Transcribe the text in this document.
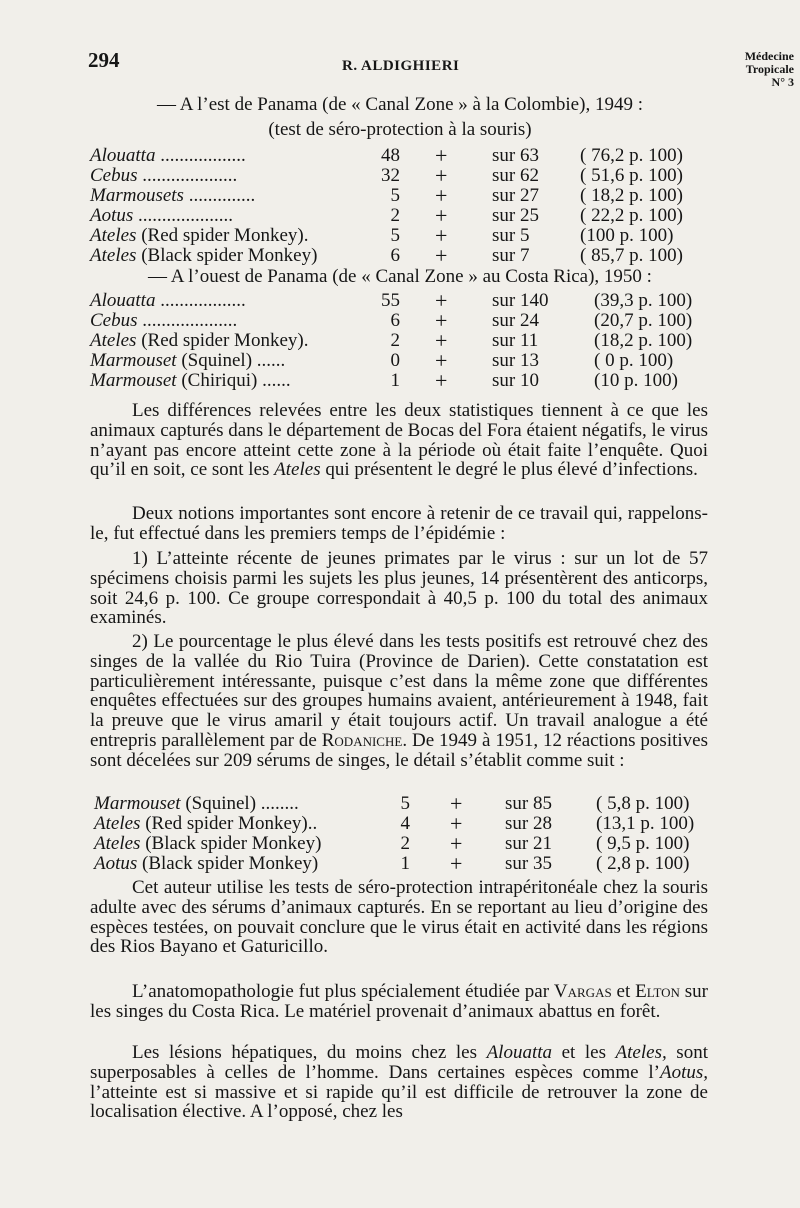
294	R. ALDIGHIERI
Médecine
Tropicale
N° 3
— A l’est de Panama (de « Canal Zone » à la Colombie), 1949 :
(test de séro-protection à la souris)
Alouatta ..................	48 + sur 63 ( 76,2 p. 100)
Cebus ....................	32 + sur 62 ( 51,6 p. 100)
Marmousets ..............	5 + sur 27 ( 18,2 p. 100)
Aotus ....................	2 + sur 25 ( 22,2 p. 100)
Ateles (Red spider Monkey).	5 + sur 5	(100 p. 100)
Ateles (Black spider Monkey)	6 + sur 7	( 85,7 p. 100)
— A l’ouest de Panama (de « Canal Zone » au Costa Rica), 1950 :
Alouatta ..................	55 + sur 140 (39,3 p. 100)
Cebus ....................	6 + sur 24	(20,7 p. 100)
Ateles (Red spider Monkey).	2 + sur 11	(18,2 p. 100)
Marmouset (Squinel) ......	0 + sur 13	( 0 p. 100)
Marmouset (Chiriqui) ......	1 + sur 10	(10 p. 100)

Les différences relevées entre les deux statistiques tiennent à ce que les animaux capturés dans le département de Bocas del Fora étaient négatifs, le virus n’ayant pas encore atteint cette zone à la période où était faite l’enquête. Quoi qu’il en soit, ce sont les Ateles qui présentent le degré le plus élevé d’infections.

Deux notions importantes sont encore à retenir de ce travail qui, rappelons-le, fut effectué dans les premiers temps de l’épidémie :

1) L’atteinte récente de jeunes primates par le virus : sur un lot de 57 spécimens choisis parmi les sujets les plus jeunes, 14 présentèrent des anticorps, soit 24,6 p. 100. Ce groupe correspondait à 40,5 p. 100 du total des animaux examinés.

2) Le pourcentage le plus élevé dans les tests positifs est retrouvé chez des singes de la vallée du Rio Tuira (Province de Darien). Cette constatation est particulièrement intéressante, puisque c’est dans la même zone que différentes enquêtes effectuées sur des groupes humains avaient, antérieurement à 1948, fait la preuve que le virus amaril y était toujours actif. Un travail analogue a été entrepris parallèlement par de Rodaniche. De 1949 à 1951, 12 réactions positives sont décelées sur 209 sérums de singes, le détail s’établit comme suit :

Marmouset (Squinel) ........	5 + sur 85 ( 5,8 p. 100)
Ateles (Red spider Monkey)..	4 + sur 28 (13,1 p. 100)
Ateles (Black spider Monkey)	2 + sur 21 ( 9,5 p. 100)
Aotus (Black spider Monkey)	1 + sur 35 ( 2,8 p. 100)

Cet auteur utilise les tests de séro-protection intrapéritonéale chez la souris adulte avec des sérums d’animaux capturés. En se reportant au lieu d’origine des espèces testées, on pouvait conclure que le virus était en activité dans les régions des Rios Bayano et Gaturicillo.

L’anatomopathologie fut plus spécialement étudiée par Vargas et Elton sur les singes du Costa Rica. Le matériel provenait d’animaux abattus en forêt.

Les lésions hépatiques, du moins chez les Alouatta et les Ateles, sont superposables à celles de l’homme. Dans certaines espèces comme l’Aotus, l’atteinte est si massive et si rapide qu’il est difficile de retrouver la zone de localisation élective. A l’opposé, chez les
